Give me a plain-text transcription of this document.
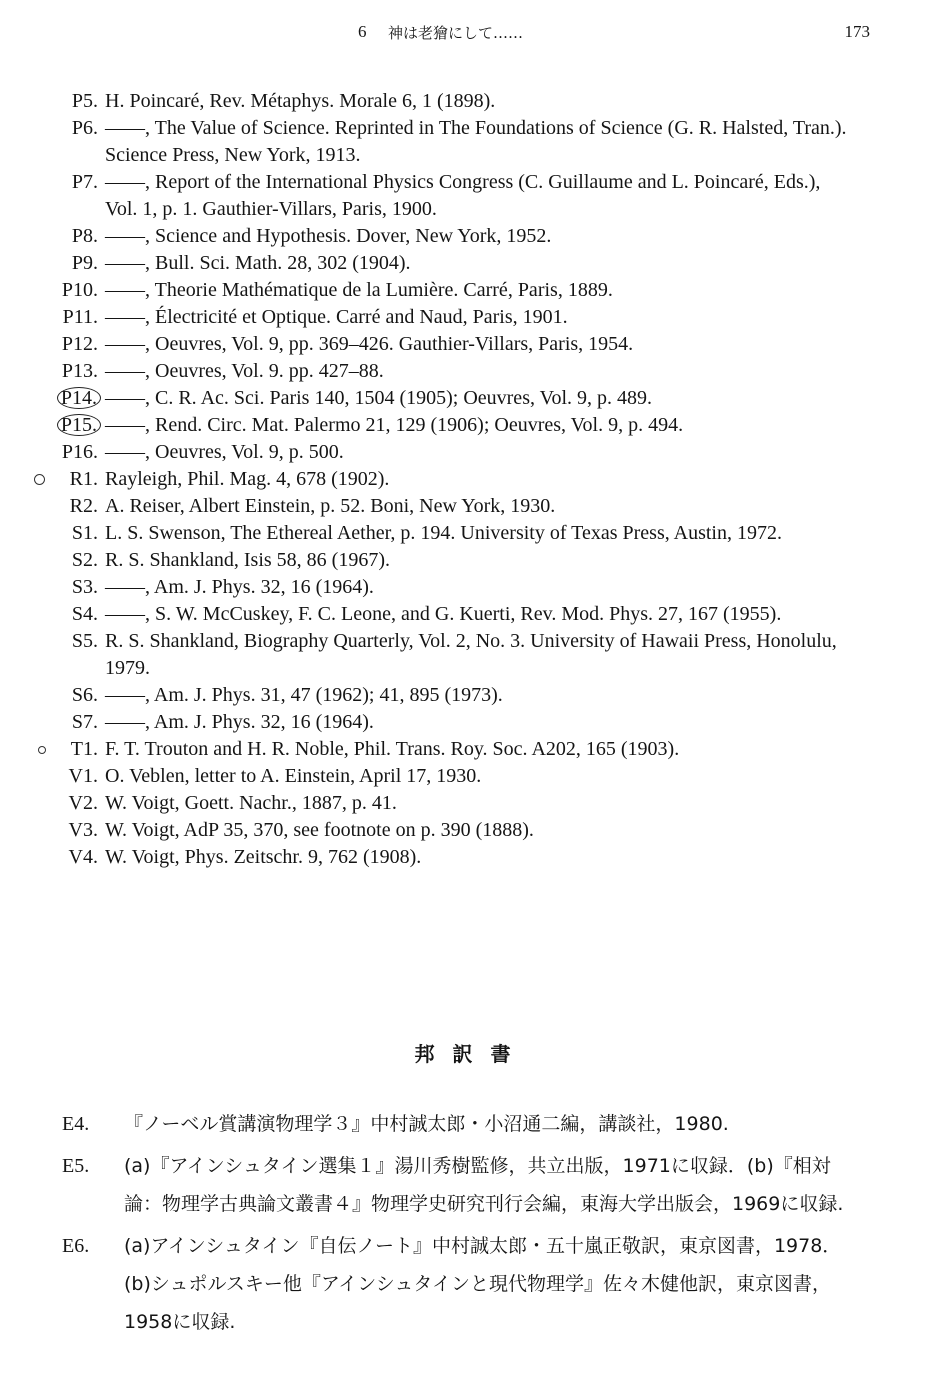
6 神は老獪にして……	173
P5. H. Poincaré, Rev. Métaphys. Morale 6, 1 (1898).
P6. ——, The Value of Science. Reprinted in The Foundations of Science (G. R. Halsted, Tran.). Science Press, New York, 1913.
P7. ——, Report of the International Physics Congress (C. Guillaume and L. Poincaré, Eds.), Vol. 1, p. 1. Gauthier-Villars, Paris, 1900.
P8. ——, Science and Hypothesis. Dover, New York, 1952.
P9. ——, Bull. Sci. Math. 28, 302 (1904).
P10. ——, Theorie Mathématique de la Lumière. Carré, Paris, 1889.
P11. ——, Électricité et Optique. Carré and Naud, Paris, 1901.
P12. ——, Oeuvres, Vol. 9, pp. 369–426. Gauthier-Villars, Paris, 1954.
P13. ——, Oeuvres, Vol. 9. pp. 427–88.
P14. ——, C. R. Ac. Sci. Paris 140, 1504 (1905); Oeuvres, Vol. 9, p. 489.
P15. ——, Rend. Circ. Mat. Palermo 21, 129 (1906); Oeuvres, Vol. 9, p. 494.
P16. ——, Oeuvres, Vol. 9, p. 500.
R1. Rayleigh, Phil. Mag. 4, 678 (1902).
R2. A. Reiser, Albert Einstein, p. 52. Boni, New York, 1930.
S1. L. S. Swenson, The Ethereal Aether, p. 194. University of Texas Press, Austin, 1972.
S2. R. S. Shankland, Isis 58, 86 (1967).
S3. ——, Am. J. Phys. 32, 16 (1964).
S4. ——, S. W. McCuskey, F. C. Leone, and G. Kuerti, Rev. Mod. Phys. 27, 167 (1955).
S5. R. S. Shankland, Biography Quarterly, Vol. 2, No. 3. University of Hawaii Press, Honolulu, 1979.
S6. ——, Am. J. Phys. 31, 47 (1962); 41, 895 (1973).
S7. ——, Am. J. Phys. 32, 16 (1964).
T1. F. T. Trouton and H. R. Noble, Phil. Trans. Roy. Soc. A202, 165 (1903).
V1. O. Veblen, letter to A. Einstein, April 17, 1930.
V2. W. Voigt, Goett. Nachr., 1887, p. 41.
V3. W. Voigt, AdP 35, 370, see footnote on p. 390 (1888).
V4. W. Voigt, Phys. Zeitschr. 9, 762 (1908).
邦訳書
E4. 『ノーベル賞講演物理学３』中村誠太郎・小沼通二編，講談社，1980.
E5. (a)『アインシュタイン選集１』湯川秀樹監修，共立出版，1971に収録．(b)『相対論：物理学古典論文叢書４』物理学史研究刊行会編，東海大学出版会，1969に収録.
E6. (a)アインシュタイン『自伝ノート』中村誠太郎・五十嵐正敬訳，東京図書，1978．(b)シュポルスキー他『アインシュタインと現代物理学』佐々木健他訳，東京図書，1958に収録.
